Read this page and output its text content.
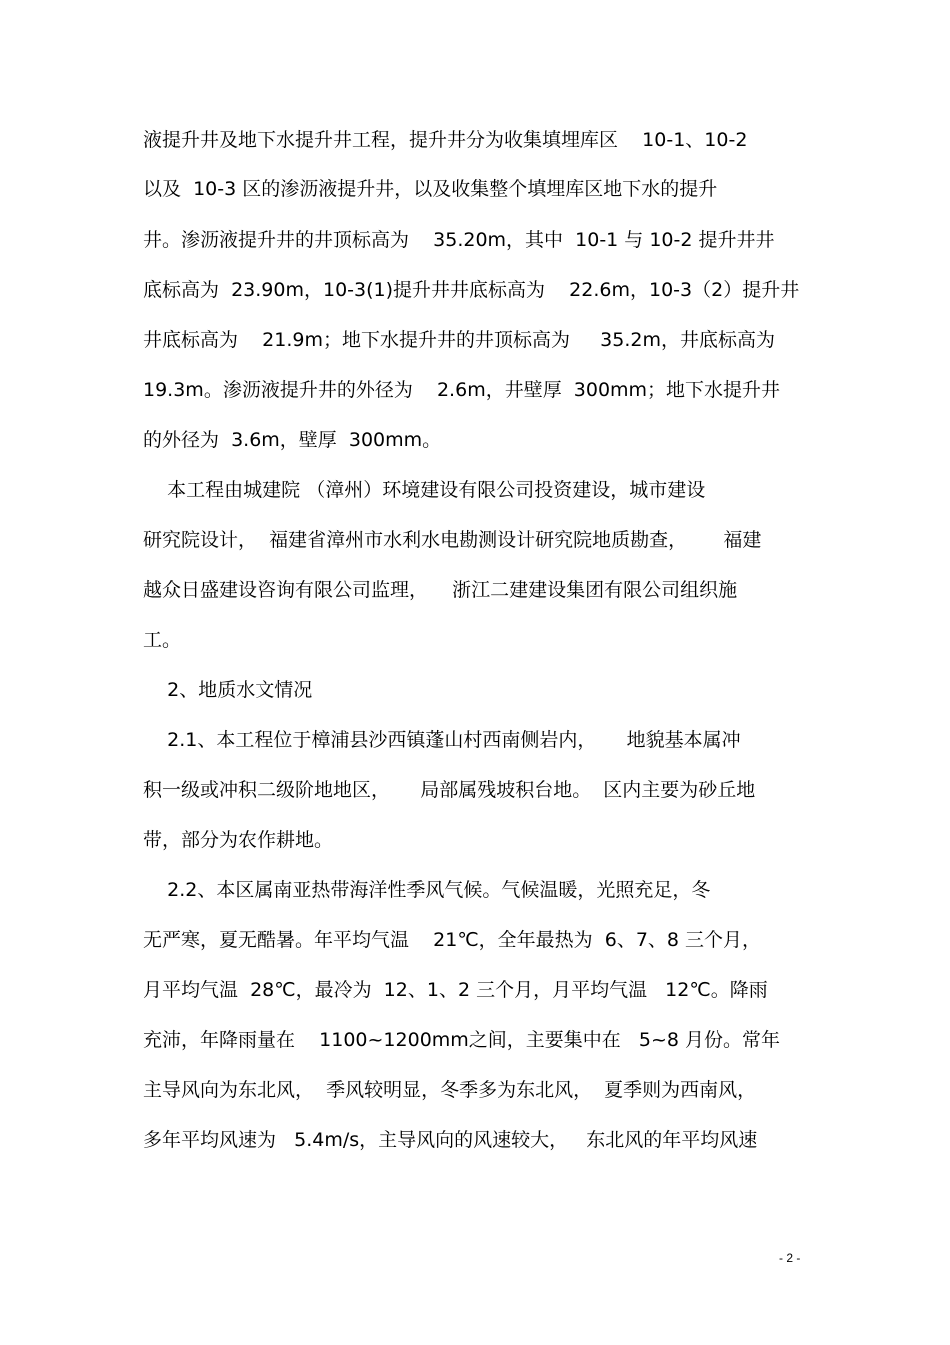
液提升井及地下水提升井工程，提升井分为收集填埋库区    10-1、10-2
以及  10-3 区的渗沥液提升井，以及收集整个填埋库区地下水的提升
井。渗沥液提升井的井顶标高为    35.20m，其中  10-1 与 10-2 提升井井
底标高为  23.90m，10-3(1)提升井井底标高为    22.6m，10-3（2）提升井
井底标高为    21.9m；地下水提升井的井顶标高为     35.2m，井底标高为
19.3m。渗沥液提升井的外径为    2.6m，井壁厚  300mm；地下水提升井
的外径为  3.6m，壁厚  300mm。
本工程由城建院 （漳州）环境建设有限公司投资建设，城市建设
研究院设计，  福建省漳州市水利水电勘测设计研究院地质勘查，      福建
越众日盛建设咨询有限公司监理，    浙江二建建设集团有限公司组织施
工。
2、地质水文情况
2.1、本工程位于樟浦县沙西镇蓬山村西南侧岩内，     地貌基本属冲
积一级或冲积二级阶地地区，     局部属残坡积台地。  区内主要为砂丘地
带，部分为农作耕地。
2.2、本区属南亚热带海洋性季风气候。气候温暖，光照充足，冬
无严寒，夏无酷暑。年平均气温    21℃，全年最热为  6、7、8 三个月，
月平均气温  28℃，最冷为  12、1、2 三个月，月平均气温   12℃。降雨
充沛，年降雨量在    1100~1200mm之间，主要集中在   5~8 月份。常年
主导风向为东北风，  季风较明显，冬季多为东北风，  夏季则为西南风，
多年平均风速为   5.4m/s，主导风向的风速较大，   东北风的年平均风速
- 2 -
